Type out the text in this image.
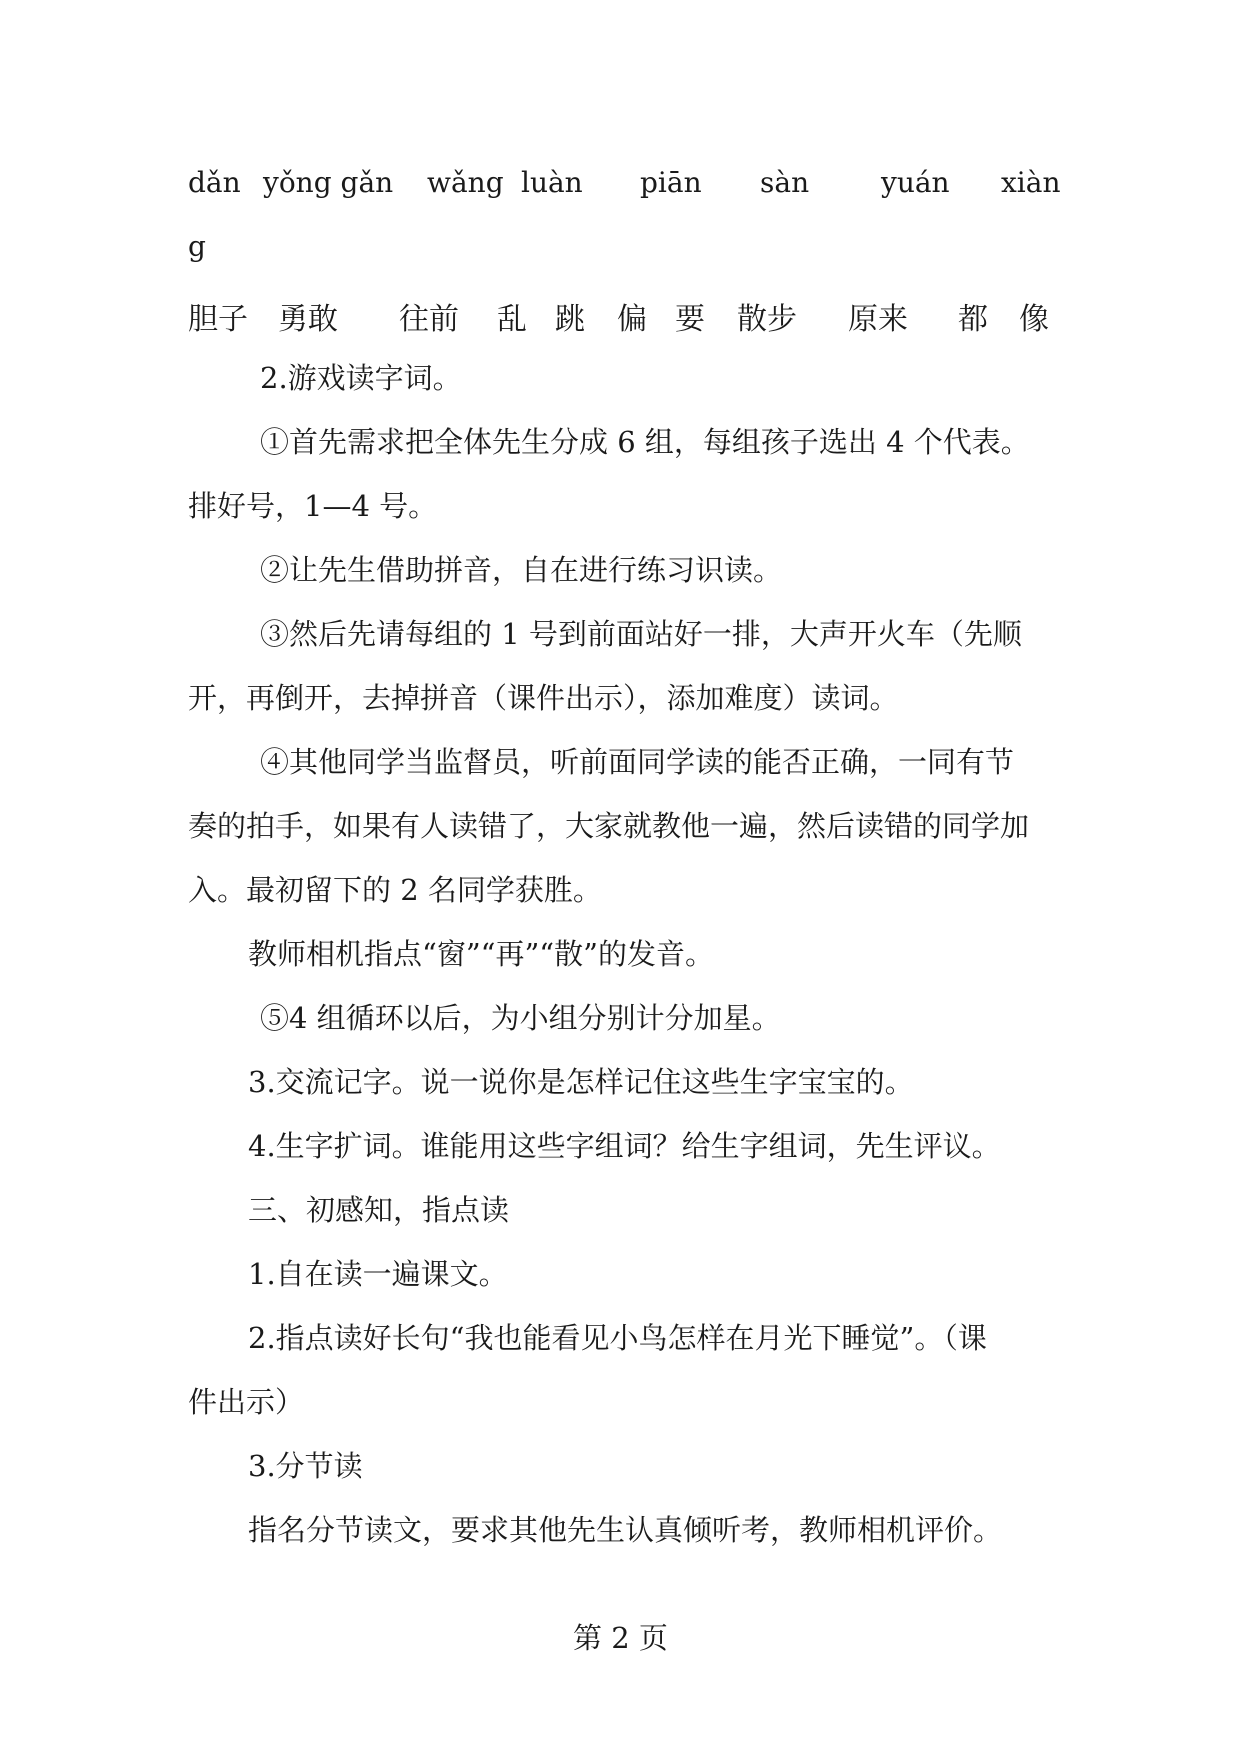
dǎn yǒng gǎn wǎng luàn piān sàn	yuán xiàn
g
胆子 勇敢 往前 乱 跳 偏 要 散步 原来 都 像
2.游戏读字词。
①首先需求把全体先生分成 6 组，每组孩子选出 4 个代表。
排好号，1—4 号。
②让先生借助拼音，自在进行练习识读。
③然后先请每组的 1 号到前面站好一排，大声开火车（先顺
开，再倒开，去掉拼音（课件出示），添加难度）读词。
④其他同学当监督员，听前面同学读的能否正确，一同有节
奏的拍手，如果有人读错了，大家就教他一遍，然后读错的同学加
入。最初留下的 2 名同学获胜。
教师相机指点“窗”“再”“散”的发音。
⑤4 组循环以后，为小组分别计分加星。
3.交流记字。说一说你是怎样记住这些生字宝宝的。
4.生字扩词。谁能用这些字组词？给生字组词，先生评议。
三、初感知，指点读
1.自在读一遍课文。
2.指点读好长句“我也能看见小鸟怎样在月光下睡觉”。（课
件出示）
3.分节读
指名分节读文，要求其他先生认真倾听考，教师相机评价。
第 2 页
